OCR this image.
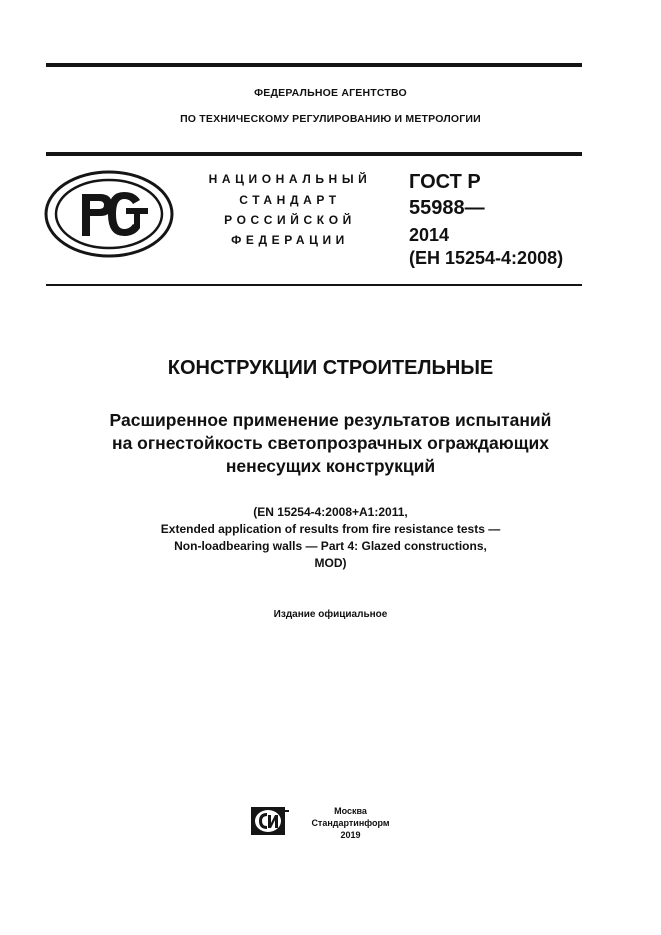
ФЕДЕРАЛЬНОЕ АГЕНТСТВО
ПО ТЕХНИЧЕСКОМУ РЕГУЛИРОВАНИЮ И МЕТРОЛОГИИ
НАЦИОНАЛЬНЫЙ
СТАНДАРТ
РОССИЙСКОЙ
ФЕДЕРАЦИИ
ГОСТ Р
55988—
2014
(ЕН 15254-4:2008)
КОНСТРУКЦИИ СТРОИТЕЛЬНЫЕ
Расширенное применение результатов испытаний
на огнестойкость светопрозрачных ограждающих
ненесущих конструкций
(EN 15254-4:2008+A1:2011,
Extended application of results from fire resistance tests —
Non-loadbearing walls — Part 4: Glazed constructions,
MOD)
Издание официальное
Москва
Стандартинформ
2019
